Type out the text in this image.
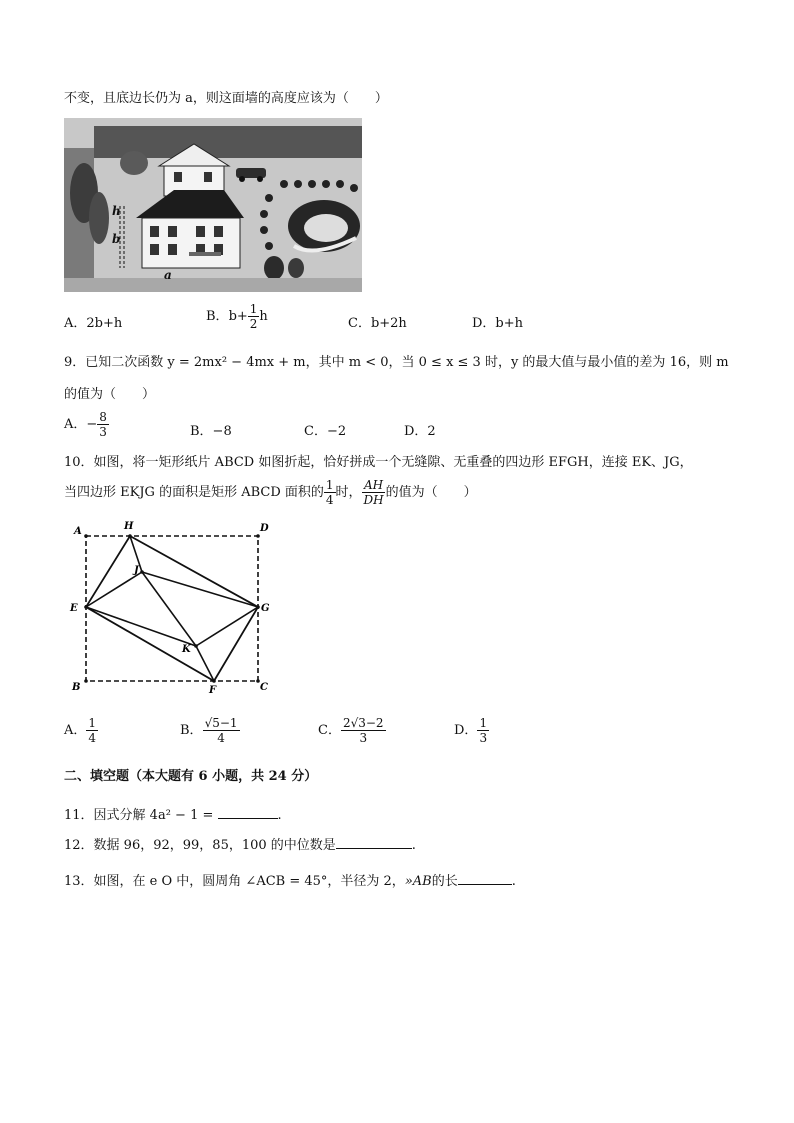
不变，且底边长仍为 a，则这面墙的高度应该为（　　）
h
b
a
A．2b+h	B．$b+ \frac{1}{2}$ h	C．b+2h	D．b+h
9．已知二次函数 y = 2mx² − 4mx + m，其中 m < 0，当 0 ≤ x ≤ 3 时，y 的最大值与最小值的差为 16，则 m
的值为（　　）
A．− $\frac{8}{3}$	B．−8	C．−2	D．2
10．如图，将一矩形纸片 ABCD 如图折起，恰好拼成一个无缝隙、无重叠的四边形 EFGH，连接 EK、JG，
当四边形 EKJG 的面积是矩形 ABCD 面积的 $\frac{1}{4}$ 时， $\frac{AH}{DH}$ 的值为（　　）
A	H	D
J
E	G
K
B	F	C
A． $\frac{1}{4}$	B． $\frac{√5-1}{4}$	C． $\frac{2√3-2}{3}$	D． $\frac{1}{3}$
二、填空题（本大题有 6 小题，共 24 分）
11．因式分解 4a² − 1 =	.
12．数据 96，92，99，85，100 的中位数是	.
13．如图，在 e O 中，圆周角 ∠ACB = 45°，半径为 2，»AB的长	.
